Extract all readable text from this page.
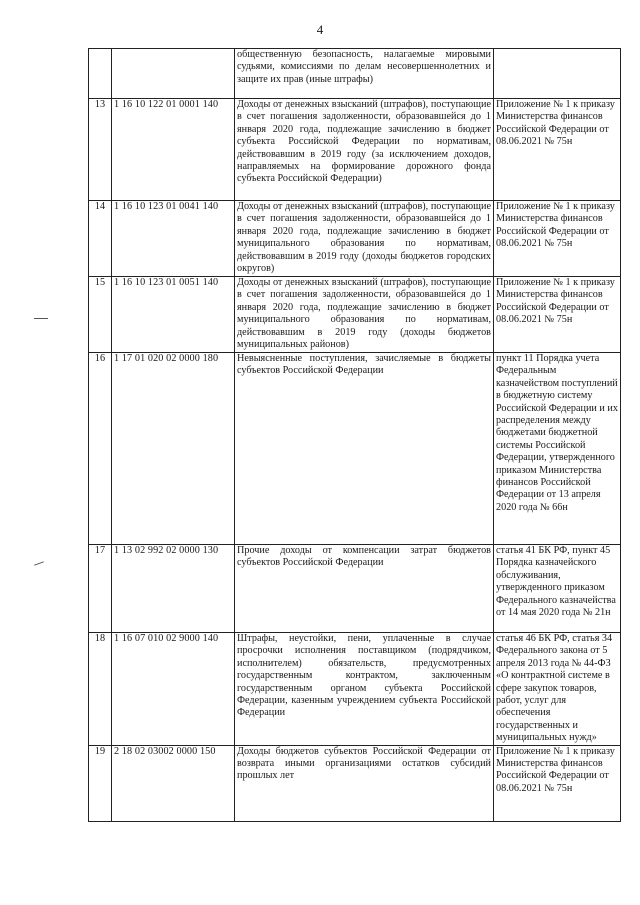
4
		общественную безопасность, налагаемые мировыми судьями, комиссиями по делам несовершеннолетних и защите их прав (иные штрафы)	
13	1 16 10 122 01 0001 140	Доходы от денежных взысканий (штрафов), поступающие в счет погашения задолженности, образовавшейся до 1 января 2020 года, подлежащие зачислению в бюджет субъекта Российской Федерации по нормативам, действовавшим в 2019 году (за исключением доходов, направляемых на формирование дорожного фонда субъекта Российской Федерации)	Приложение № 1 к приказу Министерства финансов Российской Федерации от 08.06.2021 № 75н
14	1 16 10 123 01 0041 140	Доходы от денежных взысканий (штрафов), поступающие в счет погашения задолженности, образовавшейся до 1 января 2020 года, подлежащие зачислению в бюджет муниципального образования по нормативам, действовавшим в 2019 году (доходы бюджетов городских округов)	Приложение № 1 к приказу Министерства финансов Российской Федерации от 08.06.2021 № 75н
15	1 16 10 123 01 0051 140	Доходы от денежных взысканий (штрафов), поступающие в счет погашения задолженности, образовавшейся до 1 января 2020 года, подлежащие зачислению в бюджет муниципального образования по нормативам, действовавшим в 2019 году (доходы бюджетов муниципальных районов)	Приложение № 1 к приказу Министерства финансов Российской Федерации от 08.06.2021 № 75н
16	1 17 01 020 02 0000 180	Невыясненные поступления, зачисляемые в бюджеты субъектов Российской Федерации	пункт 11 Порядка учета Федеральным казначейством поступлений в бюджетную систему Российской Федерации и их распределения между бюджетами бюджетной системы Российской Федерации, утвержденного приказом Министерства финансов Российской Федерации от 13 апреля 2020 года № 66н
17	1 13 02 992 02 0000 130	Прочие доходы от компенсации затрат бюджетов субъектов Российской Федерации	статья 41 БК РФ, пункт 45 Порядка казначейского обслуживания, утвержденного приказом Федерального казначейства от 14 мая 2020 года № 21н
18	1 16 07 010 02 9000 140	Штрафы, неустойки, пени, уплаченные в случае просрочки исполнения поставщиком (подрядчиком, исполнителем) обязательств, предусмотренных государственным контрактом, заключенным государственным органом субъекта Российской Федерации, казенным учреждением субъекта Российской Федерации	статья 46 БК РФ, статья 34 Федерального закона от 5 апреля 2013 года № 44-ФЗ «О контрактной системе в сфере закупок товаров, работ, услуг для обеспечения государственных и муниципальных нужд»
19	2 18 02 03002 0000 150	Доходы бюджетов субъектов Российской Федерации от возврата иными организациями остатков субсидий прошлых лет	Приложение № 1 к приказу Министерства финансов Российской Федерации от 08.06.2021 № 75н
